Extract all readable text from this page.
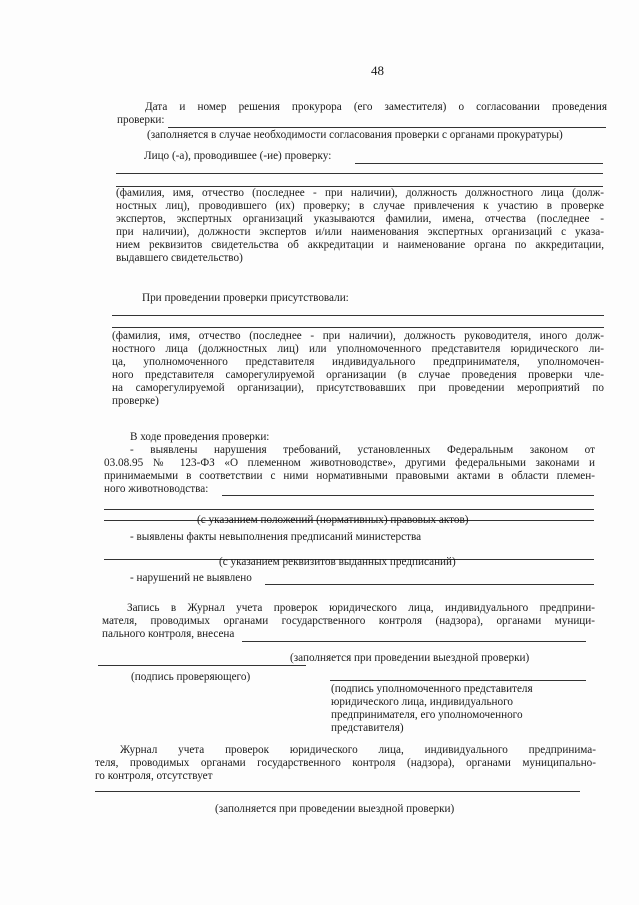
48
Дата и номер решения прокурора (его заместителя) о согласовании проведения
проверки:
(заполняется в случае необходимости согласования проверки с органами прокуратуры)
Лицо (-а), проводившее (-ие) проверку:
(фамилия, имя, отчество (последнее - при наличии), должность должностного лица (долж-
ностных лиц), проводившего (их) проверку; в случае привлечения к участию в проверке
экспертов, экспертных организаций указываются фамилии, имена, отчества (последнее -
при наличии), должности экспертов и/или наименования экспертных организаций с указа-
нием реквизитов свидетельства об аккредитации и наименование органа по аккредитации,
выдавшего свидетельство)
При проведении проверки присутствовали:
(фамилия, имя, отчество (последнее - при наличии), должность руководителя, иного долж-
ностного лица (должностных лиц) или уполномоченного представителя юридического ли-
ца, уполномоченного представителя индивидуального предпринимателя, уполномочен-
ного представителя саморегулируемой организации (в случае проведения проверки чле-
на саморегулируемой организации), присутствовавших при проведении мероприятий по
проверке)
В ходе проведения проверки:
- выявлены нарушения требований, установленных Федеральным законом от
03.08.95 № 123-ФЗ «О племенном животноводстве», другими федеральными законами и
принимаемыми в соответствии с ними нормативными правовыми актами в области племен-
ного животноводства:
(с указанием положений (нормативных) правовых актов)
- выявлены факты невыполнения предписаний министерства
(с указанием реквизитов выданных предписаний)
- нарушений не выявлено
Запись в Журнал учета проверок юридического лица, индивидуального предприни-
мателя, проводимых органами государственного контроля (надзора), органами муници-
пального контроля, внесена
(заполняется при проведении выездной проверки)
(подпись проверяющего)
(подпись уполномоченного представителя
юридического лица, индивидуального
предпринимателя, его уполномоченного
представителя)
Журнал учета проверок юридического лица, индивидуального предпринима-
теля, проводимых органами государственного контроля (надзора), органами муниципально-
го контроля, отсутствует
(заполняется при проведении выездной проверки)
